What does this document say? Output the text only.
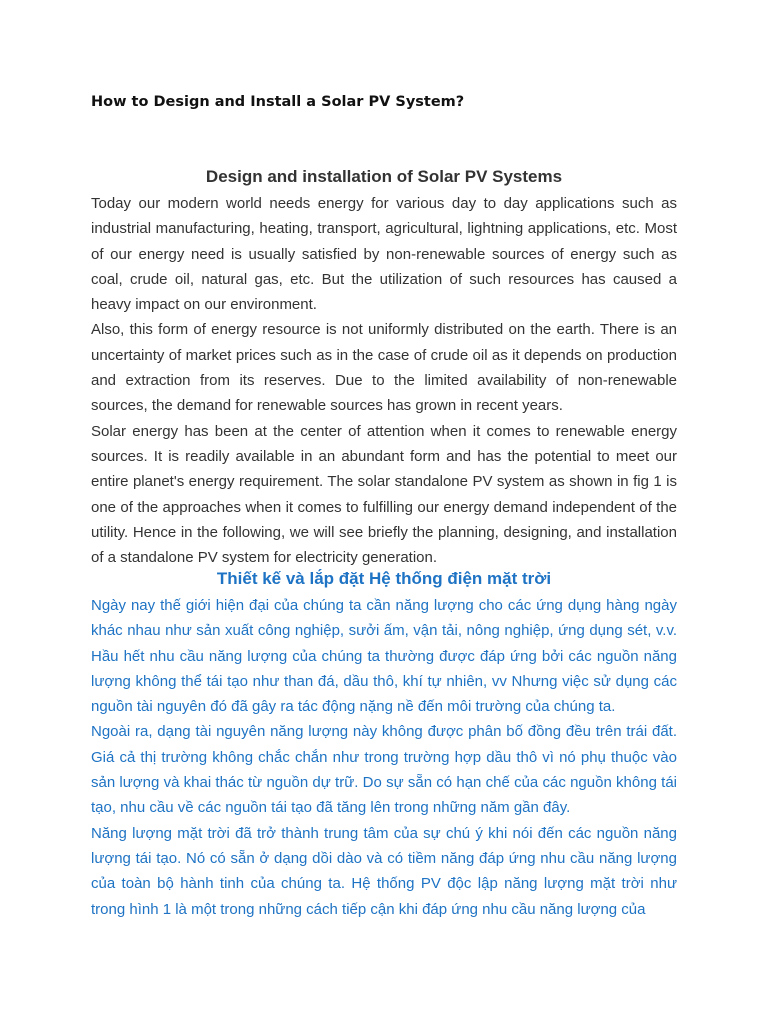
How to Design and Install a Solar PV System?
Design and installation of Solar PV Systems

Today our modern world needs energy for various day to day applications such as industrial manufacturing, heating, transport, agricultural, lightning applications, etc. Most of our energy need is usually satisfied by non-renewable sources of energy such as coal, crude oil, natural gas, etc. But the utilization of such resources has caused a heavy impact on our environment.

Also, this form of energy resource is not uniformly distributed on the earth. There is an uncertainty of market prices such as in the case of crude oil as it depends on production and extraction from its reserves. Due to the limited availability of non-renewable sources, the demand for renewable sources has grown in recent years.

Solar energy has been at the center of attention when it comes to renewable energy sources. It is readily available in an abundant form and has the potential to meet our entire planet's energy requirement. The solar standalone PV system as shown in fig 1 is one of the approaches when it comes to fulfilling our energy demand independent of the utility. Hence in the following, we will see briefly the planning, designing, and installation of a standalone PV system for electricity generation.

Thiết kế và lắp đặt Hệ thống điện mặt trời

Ngày nay thế giới hiện đại của chúng ta cần năng lượng cho các ứng dụng hàng ngày khác nhau như sản xuất công nghiệp, sưởi ấm, vận tải, nông nghiệp, ứng dụng sét, v.v. Hầu hết nhu cầu năng lượng của chúng ta thường được đáp ứng bởi các nguồn năng lượng không thể tái tạo như than đá, dầu thô, khí tự nhiên, vv Nhưng việc sử dụng các nguồn tài nguyên đó đã gây ra tác động nặng nề đến môi trường của chúng ta.

Ngoài ra, dạng tài nguyên năng lượng này không được phân bố đồng đều trên trái đất. Giá cả thị trường không chắc chắn như trong trường hợp dầu thô vì nó phụ thuộc vào sản lượng và khai thác từ nguồn dự trữ. Do sự sẵn có hạn chế của các nguồn không tái tạo, nhu cầu về các nguồn tái tạo đã tăng lên trong những năm gần đây.

Năng lượng mặt trời đã trở thành trung tâm của sự chú ý khi nói đến các nguồn năng lượng tái tạo. Nó có sẵn ở dạng dồi dào và có tiềm năng đáp ứng nhu cầu năng lượng của toàn bộ hành tinh của chúng ta. Hệ thống PV độc lập năng lượng mặt trời như trong hình 1 là một trong những cách tiếp cận khi đáp ứng nhu cầu năng lượng của
